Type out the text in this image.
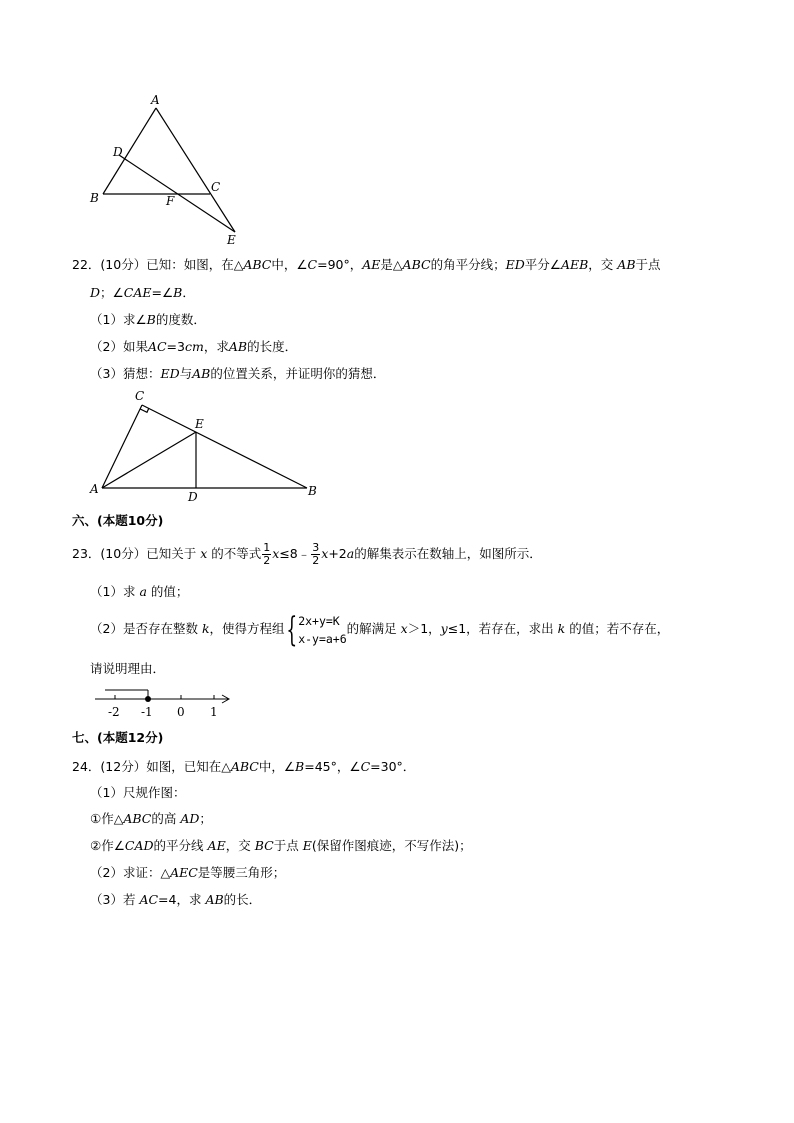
A
D
C
B	F
E
22．(10分）已知：如图，在△ABC中，∠C=90°，AE是△ABC的角平分线；ED平分∠AEB，交 AB于点
D；∠CAE=∠B．
（1）求∠B的度数．
（2）如果AC=3cm，求AB的长度．
（3）猜想：ED与AB的位置关系，并证明你的猜想．
C
E
A
D	B
六、(本题10分)
23．(10分）已知关于 x 的不等式 $\frac{1}{2}$ x≤8﹣ $\frac{3}{2} x+2a$的解集表示在数轴上，如图所示．
（1）求 a 的值；
（2）是否存在整数 k，使得方程组{ 2x+y=K
x-y=a+6
的解满足 x＞1，y≤1，若存在，求出 k 的值；若不存在，
请说明理由．
-2 -1 0 1
七、(本题12分)
24．(12分）如图，已知在△ABC中，∠B=45°，∠C=30°．
（1）尺规作图：
①作△ABC的高 AD；
②作∠CAD的平分线 AE，交 BC于点 E(保留作图痕迹，不写作法)；
（2）求证：△AEC是等腰三角形；
（3）若 AC=4，求 AB的长．
